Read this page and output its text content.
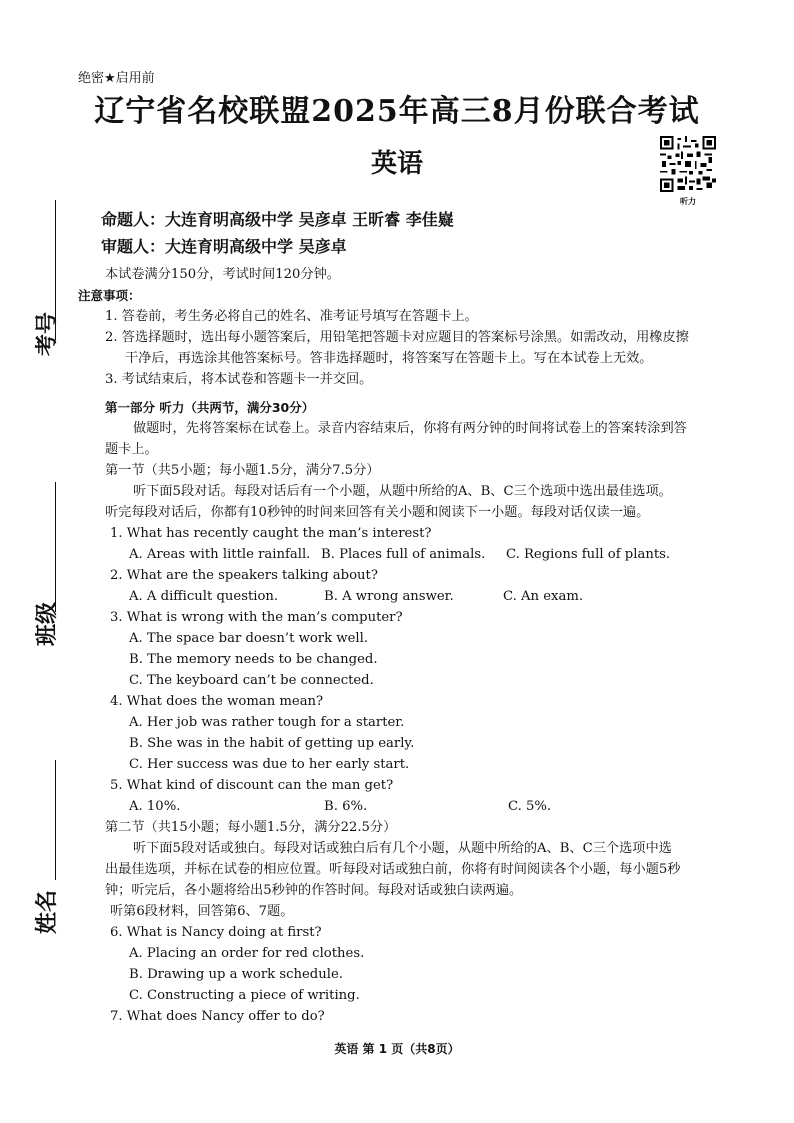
绝密★启用前
辽宁省名校联盟2025年高三8月份联合考试
英语
听力
命题人：大连育明高级中学 吴彦卓 王昕睿 李佳嶷
审题人：大连育明高级中学 吴彦卓
考号
班级
姓名
本试卷满分150分，考试时间120分钟。
注意事项：
1. 答卷前，考生务必将自己的姓名、准考证号填写在答题卡上。
2. 答选择题时，选出每小题答案后，用铅笔把答题卡对应题目的答案标号涂黑。如需改动，用橡皮擦
干净后，再选涂其他答案标号。答非选择题时，将答案写在答题卡上。写在本试卷上无效。
3. 考试结束后，将本试卷和答题卡一并交回。
第一部分 听力（共两节，满分30分）
做题时，先将答案标在试卷上。录音内容结束后，你将有两分钟的时间将试卷上的答案转涂到答
题卡上。
第一节（共5小题；每小题1.5分，满分7.5分）
听下面5段对话。每段对话后有一个小题，从题中所给的A、B、C三个选项中选出最佳选项。
听完每段对话后，你都有10秒钟的时间来回答有关小题和阅读下一小题。每段对话仅读一遍。
1. What has recently caught the man’s interest?
A. Areas with little rainfall. B. Places full of animals. C. Regions full of plants.
2. What are the speakers talking about?
A. A difficult question.	B. A wrong answer.	C. An exam.
3. What is wrong with the man’s computer?
A. The space bar doesn’t work well.
B. The memory needs to be changed.
C. The keyboard can’t be connected.
4. What does the woman mean?
A. Her job was rather tough for a starter.
B. She was in the habit of getting up early.
C. Her success was due to her early start.
5. What kind of discount can the man get?
A. 10%.	B. 6%.	C. 5%.
第二节（共15小题；每小题1.5分，满分22.5分）
听下面5段对话或独白。每段对话或独白后有几个小题，从题中所给的A、B、C三个选项中选
出最佳选项，并标在试卷的相应位置。听每段对话或独白前，你将有时间阅读各个小题，每小题5秒
钟；听完后，各小题将给出5秒钟的作答时间。每段对话或独白读两遍。
听第6段材料，回答第6、7题。
6. What is Nancy doing at first?
A. Placing an order for red clothes.
B. Drawing up a work schedule.
C. Constructing a piece of writing.
7. What does Nancy offer to do?
英语 第 1 页（共8页）
